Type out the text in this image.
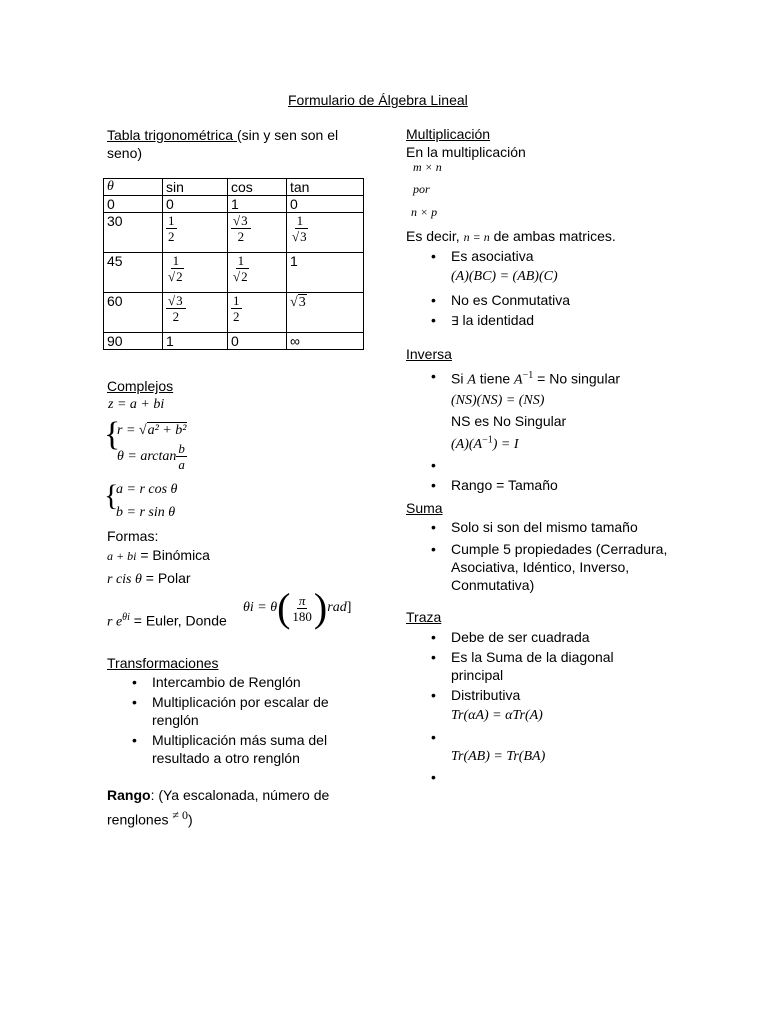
Formulario de Álgebra Lineal
Tabla trigonométrica (sin y sen son el seno)
θ	sin	cos	tan
0	0	1	0
30	$\frac{1}{2}$	$\frac{√3}{2}$	$\frac{1}{√3}$

45	$\frac{1}{√2}$	$\frac{1}{√2}$	1
60	$\frac{√3}{2}$	$\frac{1}{2}$	√3
90	1	0	∞
Complejos
z = a + bi
{
r = √a² + b²
$\theta = \arctan \frac{b}{a}$
{
a = r cos θ
b = r sin θ
Formas:
a + bi = Binómica
r cis θ = Polar
r $e^{\theta i}$ = Euler, Donde
θi = θ ( $\frac{\pi}{180}$ ) rad ]
Transformaciones
• Intercambio de Renglón
• Multiplicación por escalar de renglón
• Multiplicación más suma del resultado a otro renglón
Rango: (Ya escalonada, número de renglones $^{\ne 0}$)
Multiplicación
En la multiplicación
m × n
por
n × p
Es decir, n = n de ambas matrices.
• Es asociativa
(A)(BC) = (AB)(C)
• No es Conmutativa
• ∃ la identidad
Inversa
• Si A tiene $A^{-1} = No$ singular
(NS)(NS) = (NS)
NS es No Singular
$(A)(A^{-1}) = I$
•
• Rango = Tamaño
Suma
• Solo si son del mismo tamaño
• Cumple 5 propiedades (Cerradura, Asociativa, Idéntico, Inverso, Conmutativa)
Traza
• Debe de ser cuadrada
• Es la Suma de la diagonal principal
• Distributiva
Tr(αA) = αTr(A)

• Tr(AB) = Tr(BA)
•
